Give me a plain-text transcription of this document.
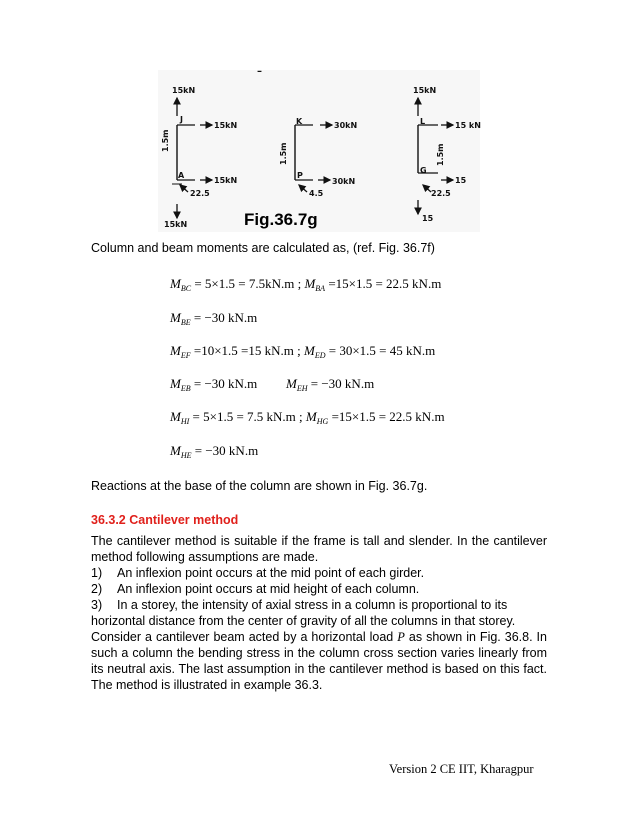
–
15kN
J
15kN
1.5m
A
15kN
22.5
15kN
K	30kN
1.5m
P
30kN
4.5
15kN
L	15 kN
1.5m
G
15
22.5
15
Fig.36.7g
Column and beam moments are calculated as, (ref. Fig. 36.7f)
$M_{BC} = 5\times 1.5 = 7.5kN.m$ ; $M_{BA} =15\times 1.5 = 22.5$ kN.m
$M_{BE} = -30$ kN.m
$M_{EF} =10\times 1.5 =15$ kN.m ; $M_{ED} = 30\times 1.5 = 45$ kN.m
$M_{EB} = -30$ kN.m $M_{EH} = -30$ kN.m
$M_{HI} = 5\times 1.5 = 7.5$ kN.m ; $M_{HG} =15\times 1.5 = 22.5$ kN.m
$M_{HE} = -30$ kN.m
Reactions at the base of the column are shown in Fig. 36.7g.
36.3.2 Cantilever method
The cantilever method is suitable if the frame is tall and slender. In the cantilever method following assumptions are made.
1) An inflexion point occurs at the mid point of each girder.
2) An inflexion point occurs at mid height of each column.
3) In a storey, the intensity of axial stress in a column is proportional to its
horizontal distance from the center of gravity of all the columns in that storey.
Consider a cantilever beam acted by a horizontal load P as shown in Fig. 36.8. In such a column the bending stress in the column cross section varies linearly from its neutral axis. The last assumption in the cantilever method is based on this fact. The method is illustrated in example 36.3.
Version 2 CE IIT, Kharagpur
